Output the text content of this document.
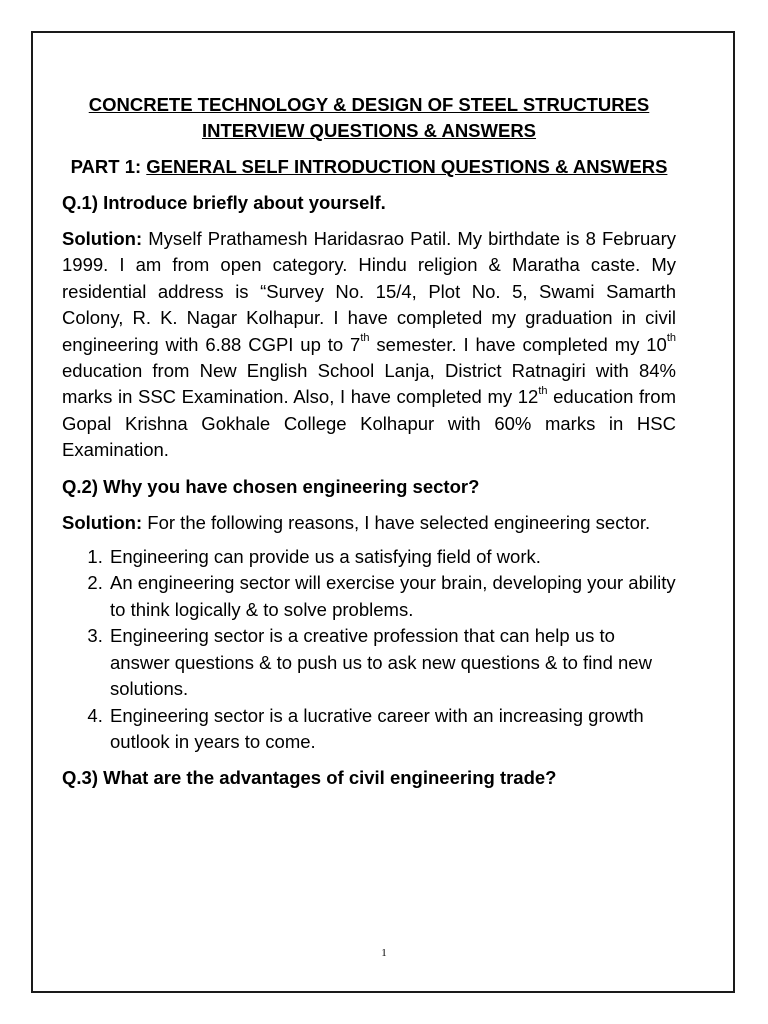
CONCRETE TECHNOLOGY & DESIGN OF STEEL STRUCTURES
INTERVIEW QUESTIONS & ANSWERS
PART 1: GENERAL SELF INTRODUCTION QUESTIONS & ANSWERS
Q.1) Introduce briefly about yourself.

Solution: Myself Prathamesh Haridasrao Patil. My birthdate is 8 February 1999. I am from open category. Hindu religion & Maratha caste. My residential address is “Survey No. 15/4, Plot No. 5, Swami Samarth Colony, R. K. Nagar Kolhapur. I have completed my graduation in civil engineering with 6.88 CGPI up to 7th semester. I have completed my 10th education from New English School Lanja, District Ratnagiri with 84% marks in SSC Examination. Also, I have completed my 12th education from Gopal Krishna Gokhale College Kolhapur with 60% marks in HSC Examination.

Q.2) Why you have chosen engineering sector?

Solution: For the following reasons, I have selected engineering sector.

1. Engineering can provide us a satisfying field of work.
2. An engineering sector will exercise your brain, developing your ability to think logically & to solve problems.
3. Engineering sector is a creative profession that can help us to answer questions & to push us to ask new questions & to find new solutions.
4. Engineering sector is a lucrative career with an increasing growth outlook in years to come.
Q.3) What are the advantages of civil engineering trade?
1
